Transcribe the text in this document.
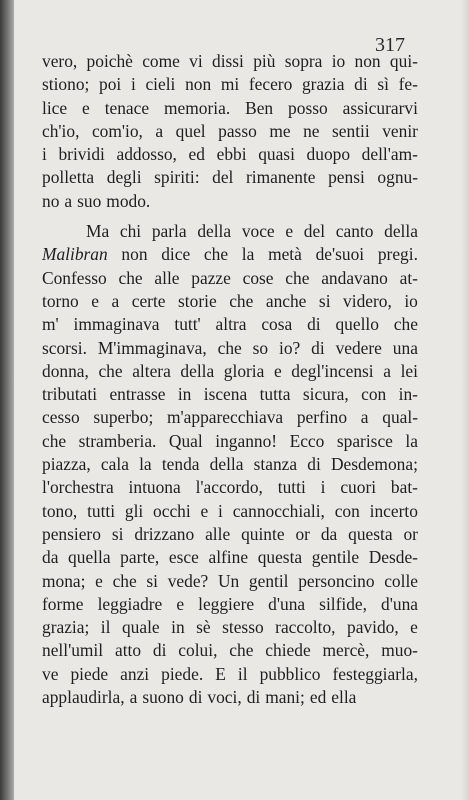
317
vero, poichè come vi dissi più sopra io non qui-
stiono; poi i cieli non mi fecero grazia di sì fe-
lice e tenace memoria. Ben posso assicurarvi
ch'io, com'io, a quel passo me ne sentii venir
i brividi addosso, ed ebbi quasi duopo dell'am-
polletta degli spiriti: del rimanente pensi ognu-
no a suo modo.
Ma chi parla della voce e del canto della
Malibran non dice che la metà de'suoi pregi.
Confesso che alle pazze cose che andavano at-
torno e a certe storie che anche si videro, io
m' immaginava tutt' altra cosa di quello che
scorsi. M'immaginava, che so io? di vedere una
donna, che altera della gloria e degl'incensi a lei
tributati entrasse in iscena tutta sicura, con in-
cesso superbo; m'apparecchiava perfino a qual-
che stramberia. Qual inganno! Ecco sparisce la
piazza, cala la tenda della stanza di Desdemona;
l'orchestra intuona l'accordo, tutti i cuori bat-
tono, tutti gli occhi e i cannocchiali, con incerto
pensiero si drizzano alle quinte or da questa or
da quella parte, esce alfine questa gentile Desde-
mona; e che si vede? Un gentil personcino colle
forme leggiadre e leggiere d'una silfide, d'una
grazia; il quale in sè stesso raccolto, pavido, e
nell'umil atto di colui, che chiede mercè, muo-
ve piede anzi piede. E il pubblico festeggiarla,
applaudirla, a suono di voci, di mani; ed ella
